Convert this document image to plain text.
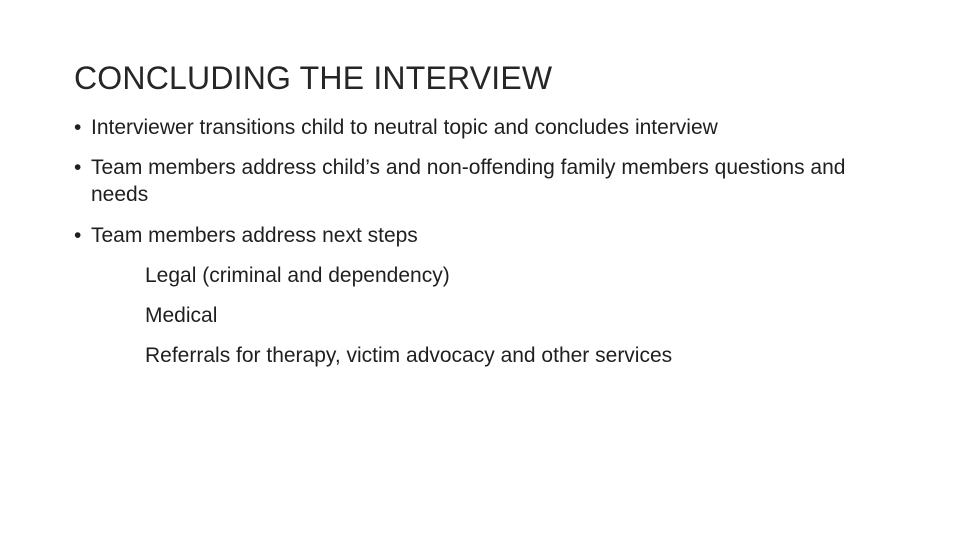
CONCLUDING THE INTERVIEW
• Interviewer transitions child to neutral topic and concludes interview
• Team members address child’s and non-offending family members questions and needs
• Team members address next steps
Legal (criminal and dependency)
Medical
Referrals for therapy, victim advocacy and other services
